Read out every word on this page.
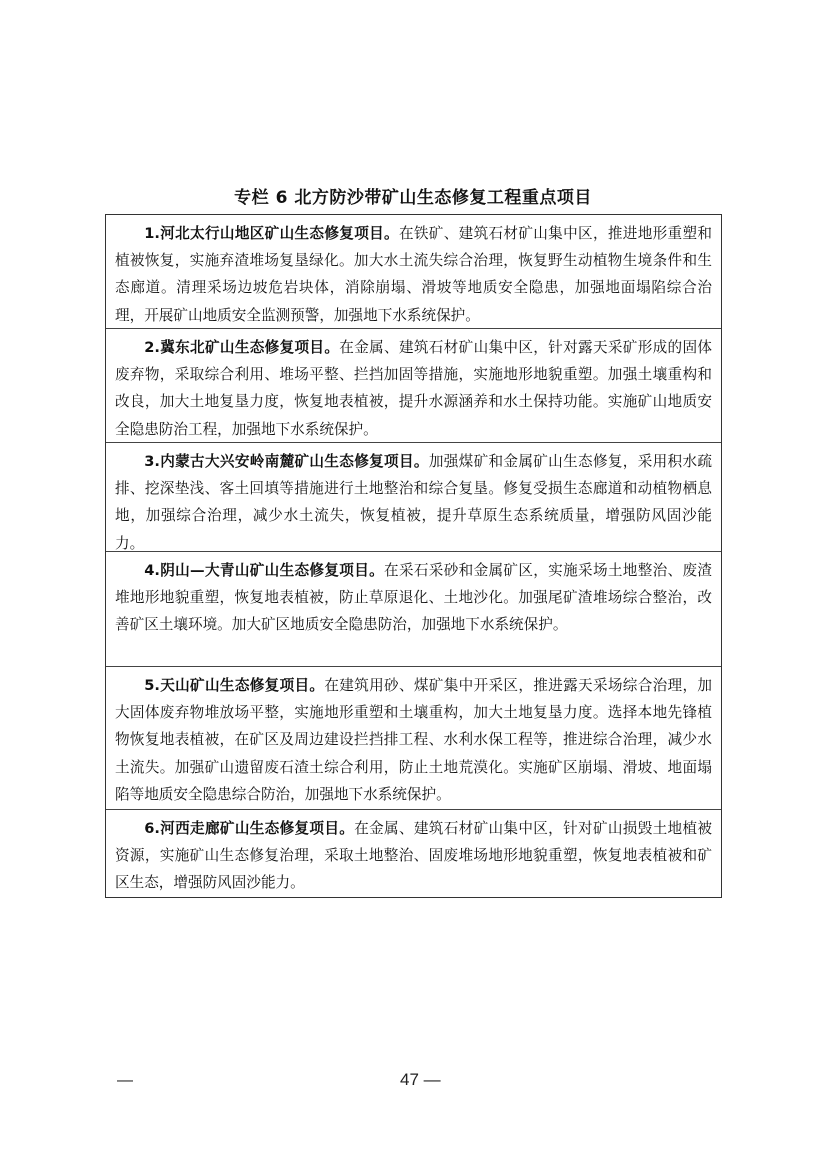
专栏 6 北方防沙带矿山生态修复工程重点项目
1.河北太行山地区矿山生态修复项目。在铁矿、建筑石材矿山集中区，推进地形重塑和植被恢复，实施弃渣堆场复垦绿化。加大水土流失综合治理，恢复野生动植物生境条件和生态廊道。清理采场边坡危岩块体，消除崩塌、滑坡等地质安全隐患，加强地面塌陷综合治理，开展矿山地质安全监测预警，加强地下水系统保护。
2.冀东北矿山生态修复项目。在金属、建筑石材矿山集中区，针对露天采矿形成的固体废弃物，采取综合利用、堆场平整、拦挡加固等措施，实施地形地貌重塑。加强土壤重构和改良，加大土地复垦力度，恢复地表植被，提升水源涵养和水土保持功能。实施矿山地质安全隐患防治工程，加强地下水系统保护。
3.内蒙古大兴安岭南麓矿山生态修复项目。加强煤矿和金属矿山生态修复，采用积水疏排、挖深垫浅、客土回填等措施进行土地整治和综合复垦。修复受损生态廊道和动植物栖息地，加强综合治理，减少水土流失，恢复植被，提升草原生态系统质量，增强防风固沙能力。
4.阴山—大青山矿山生态修复项目。在采石采砂和金属矿区，实施采场土地整治、废渣堆地形地貌重塑，恢复地表植被，防止草原退化、土地沙化。加强尾矿渣堆场综合整治，改善矿区土壤环境。加大矿区地质安全隐患防治，加强地下水系统保护。
5.天山矿山生态修复项目。在建筑用砂、煤矿集中开采区，推进露天采场综合治理，加大固体废弃物堆放场平整，实施地形重塑和土壤重构，加大土地复垦力度。选择本地先锋植物恢复地表植被，在矿区及周边建设拦挡排工程、水利水保工程等，推进综合治理，减少水土流失。加强矿山遗留废石渣土综合利用，防止土地荒漠化。实施矿区崩塌、滑坡、地面塌陷等地质安全隐患综合防治，加强地下水系统保护。
6.河西走廊矿山生态修复项目。在金属、建筑石材矿山集中区，针对矿山损毁土地植被资源，实施矿山生态修复治理，采取土地整治、固废堆场地形地貌重塑，恢复地表植被和矿区生态，增强防风固沙能力。
—	47 —
